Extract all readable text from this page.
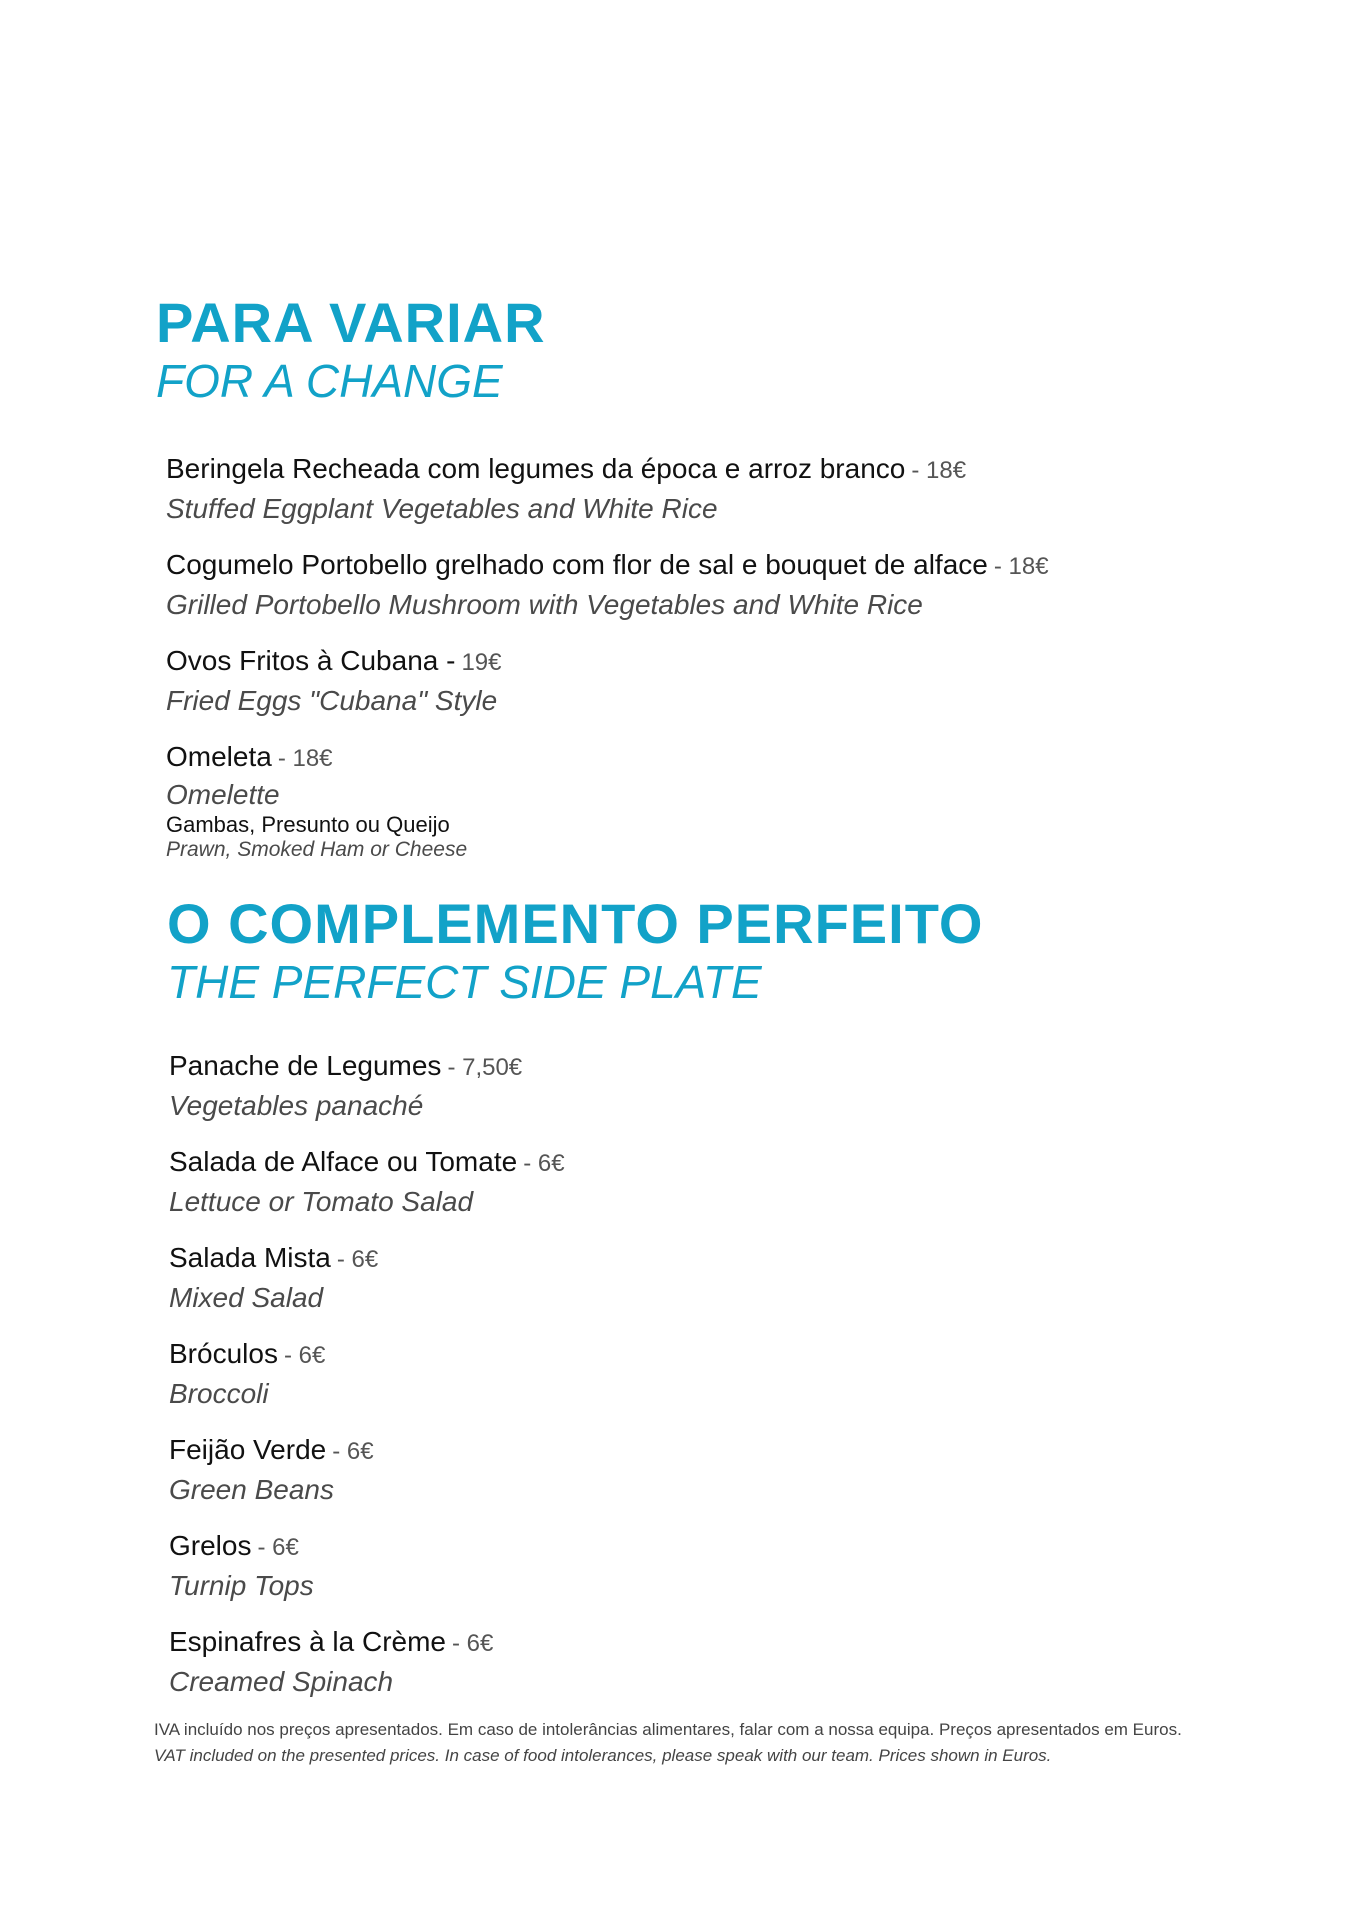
PARA VARIAR
FOR A CHANGE
Beringela Recheada com legumes da época e arroz branco - 18€
Stuffed Eggplant Vegetables and White Rice
Cogumelo Portobello grelhado com flor de sal e bouquet de alface - 18€
Grilled Portobello Mushroom with Vegetables and White Rice
Ovos Fritos à Cubana - 19€
Fried Eggs "Cubana" Style
Omeleta - 18€
Omelette
Gambas, Presunto ou Queijo
Prawn, Smoked Ham or Cheese
O COMPLEMENTO PERFEITO
THE PERFECT SIDE PLATE
Panache de Legumes - 7,50€
Vegetables panaché
Salada de Alface ou Tomate - 6€
Lettuce or Tomato Salad
Salada Mista - 6€
Mixed Salad
Bróculos - 6€
Broccoli
Feijão Verde - 6€
Green Beans
Grelos - 6€
Turnip Tops
Espinafres à la Crème - 6€
Creamed Spinach

IVA incluído nos preços apresentados. Em caso de intolerâncias alimentares, falar com a nossa equipa. Preços apresentados em Euros.

VAT included on the presented prices. In case of food intolerances, please speak with our team. Prices shown in Euros.
